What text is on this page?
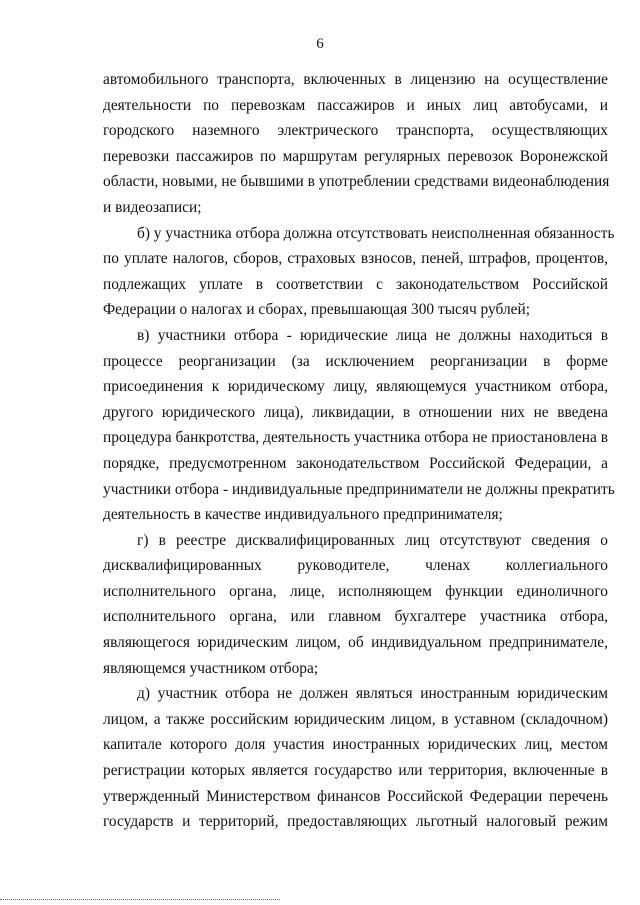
6
автомобильного транспорта, включенных в лицензию на осуществление
деятельности по перевозкам пассажиров и иных лиц автобусами, и
городского наземного электрического транспорта, осуществляющих
перевозки пассажиров по маршрутам регулярных перевозок Воронежской
области, новыми, не бывшими в употреблении средствами видеонаблюдения
и видеозаписи;
б) у участника отбора должна отсутствовать неисполненная обязанность
по уплате налогов, сборов, страховых взносов, пеней, штрафов, процентов,
подлежащих уплате в соответствии с законодательством Российской
Федерации о налогах и сборах, превышающая 300 тысяч рублей;
в) участники отбора - юридические лица не должны находиться в
процессе реорганизации (за исключением реорганизации в форме
присоединения к юридическому лицу, являющемуся участником отбора,
другого юридического лица), ликвидации, в отношении них не введена
процедура банкротства, деятельность участника отбора не приостановлена в
порядке, предусмотренном законодательством Российской Федерации, а
участники отбора - индивидуальные предприниматели не должны прекратить
деятельность в качестве индивидуального предпринимателя;
г) в реестре дисквалифицированных лиц отсутствуют сведения о
дисквалифицированных руководителе, членах коллегиального
исполнительного органа, лице, исполняющем функции единоличного
исполнительного органа, или главном бухгалтере участника отбора,
являющегося юридическим лицом, об индивидуальном предпринимателе,
являющемся участником отбора;
д) участник отбора не должен являться иностранным юридическим
лицом, а также российским юридическим лицом, в уставном (складочном)
капитале которого доля участия иностранных юридических лиц, местом
регистрации которых является государство или территория, включенные в
утвержденный Министерством финансов Российской Федерации перечень
государств и территорий, предоставляющих льготный налоговый режим
